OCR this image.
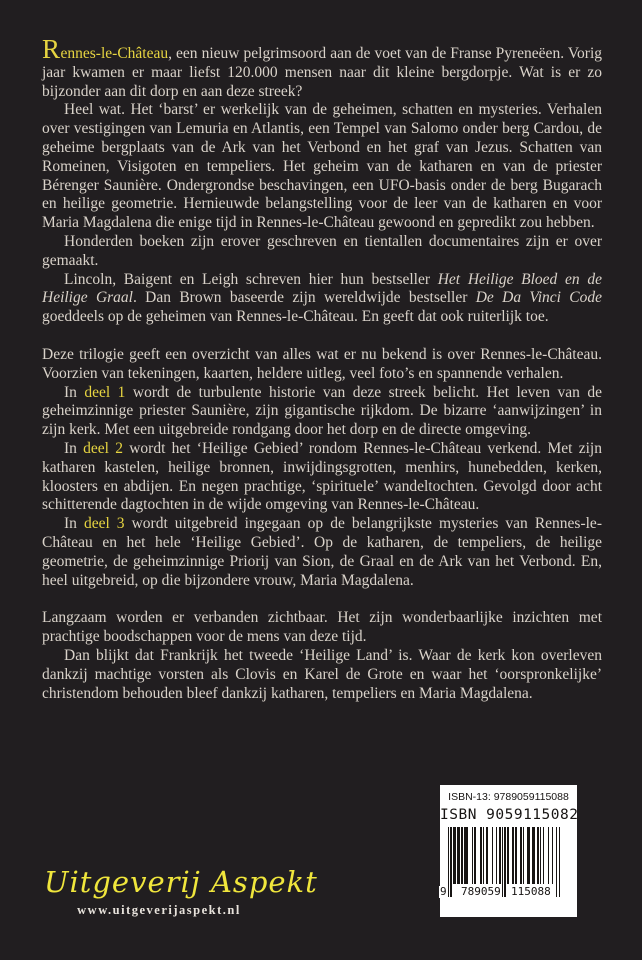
Rennes-le-Château, een nieuw pelgrimsoord aan de voet van de Franse Pyreneëen. Vorig jaar kwamen er maar liefst 120.000 mensen naar dit kleine bergdorpje. Wat is er zo bijzonder aan dit dorp en aan deze streek?

Heel wat. Het ‘barst’ er werkelijk van de geheimen, schatten en mysteries. Verhalen over vestigingen van Lemuria en Atlantis, een Tempel van Salomo onder berg Cardou, de geheime bergplaats van de Ark van het Verbond en het graf van Jezus. Schatten van Romeinen, Visigoten en tempeliers. Het geheim van de katharen en van de priester Bérenger Saunière. Ondergrondse beschavingen, een UFO-basis onder de berg Bugarach en heilige geometrie. Hernieuwde belangstelling voor de leer van de katharen en voor Maria Magdalena die enige tijd in Rennes-le-Château gewoond en gepredikt zou hebben.

Honderden boeken zijn erover geschreven en tientallen documentaires zijn er over gemaakt.

Lincoln, Baigent en Leigh schreven hier hun bestseller Het Heilige Bloed en de Heilige Graal. Dan Brown baseerde zijn wereldwijde bestseller De Da Vinci Code goeddeels op de geheimen van Rennes-le-Château. En geeft dat ook ruiterlijk toe.

Deze trilogie geeft een overzicht van alles wat er nu bekend is over Rennes-le-Château. Voorzien van tekeningen, kaarten, heldere uitleg, veel foto’s en spannende verhalen.

In deel 1 wordt de turbulente historie van deze streek belicht. Het leven van de geheimzinnige priester Saunière, zijn gigantische rijkdom. De bizarre ‘aanwijzingen’ in zijn kerk. Met een uitgebreide rondgang door het dorp en de directe omgeving.

In deel 2 wordt het ‘Heilige Gebied’ rondom Rennes-le-Château verkend. Met zijn katharen kastelen, heilige bronnen, inwijdingsgrotten, menhirs, hunebedden, kerken, kloosters en abdijen. En negen prachtige, ‘spirituele’ wandeltochten. Gevolgd door acht schitterende dagtochten in de wijde omgeving van Rennes-le-Château.

In deel 3 wordt uitgebreid ingegaan op de belangrijkste mysteries van Rennes-le-Château en het hele ‘Heilige Gebied’. Op de katharen, de tempeliers, de heilige geometrie, de geheimzinnige Priorij van Sion, de Graal en de Ark van het Verbond. En, heel uitgebreid, op die bijzondere vrouw, Maria Magdalena.

Langzaam worden er verbanden zichtbaar. Het zijn wonderbaarlijke inzichten met prachtige boodschappen voor de mens van deze tijd.

Dan blijkt dat Frankrijk het tweede ‘Heilige Land’ is. Waar de kerk kon overleven dankzij machtige vorsten als Clovis en Karel de Grote en waar het ‘oorspronkelijke’ christendom behouden bleef dankzij katharen, tempeliers en Maria Magdalena.

Uitgeverij Aspekt
www.uitgeverijaspekt.nl
ISBN-13: 9789059115088
ISBN 9059115082
9 789059 115088
